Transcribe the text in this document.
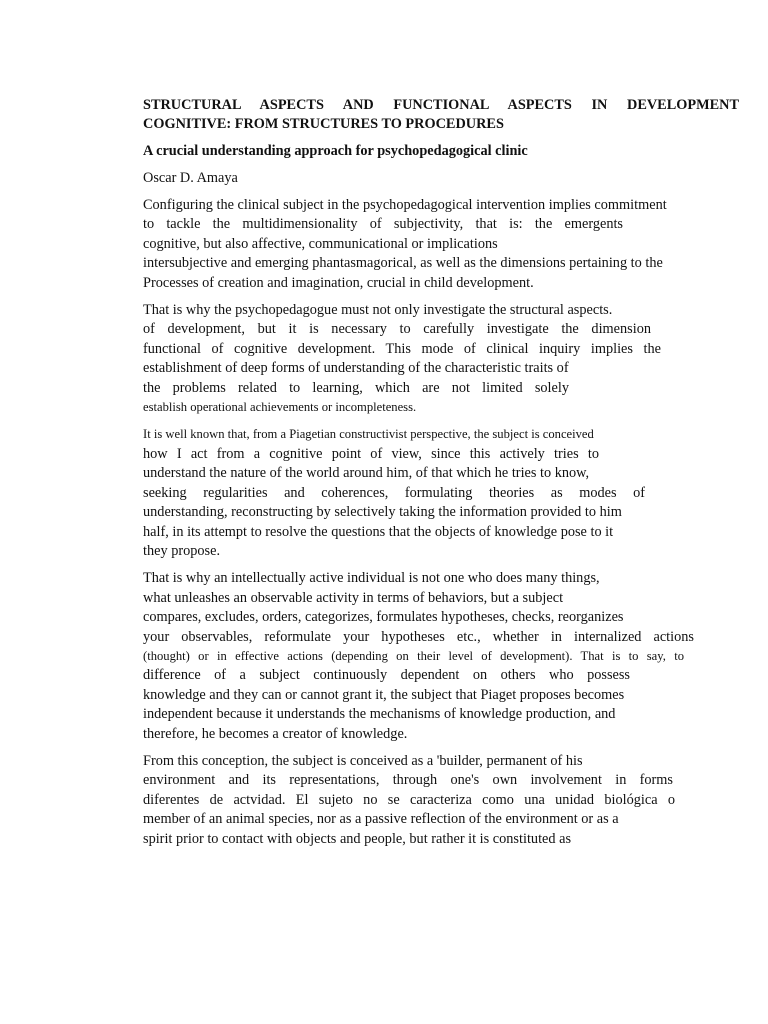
STRUCTURAL ASPECTS AND FUNCTIONAL ASPECTS IN DEVELOPMENT
COGNITIVE: FROM STRUCTURES TO PROCEDURES
A crucial understanding approach for psychopedagogical clinic
Oscar D. Amaya
Configuring the clinical subject in the psychopedagogical intervention implies commitment
to tackle the multidimensionality of subjectivity, that is: the emergents
cognitive, but also affective, communicational or implications
intersubjective and emerging phantasmagorical, as well as the dimensions pertaining to the
Processes of creation and imagination, crucial in child development.
That is why the psychopedagogue must not only investigate the structural aspects.
of development, but it is necessary to carefully investigate the dimension
functional of cognitive development. This mode of clinical inquiry implies the
establishment of deep forms of understanding of the characteristic traits of
the problems related to learning, which are not limited solely
establish operational achievements or incompleteness.
It is well known that, from a Piagetian constructivist perspective, the subject is conceived
how I act from a cognitive point of view, since this actively tries to
understand the nature of the world around him, of that which he tries to know,
seeking regularities and coherences, formulating theories as modes of
understanding, reconstructing by selectively taking the information provided to him
half, in its attempt to resolve the questions that the objects of knowledge pose to it
they propose.
That is why an intellectually active individual is not one who does many things,
what unleashes an observable activity in terms of behaviors, but a subject
compares, excludes, orders, categorizes, formulates hypotheses, checks, reorganizes
your observables, reformulate your hypotheses etc., whether in internalized actions
(thought) or in effective actions (depending on their level of development). That is to say, to
difference of a subject continuously dependent on others who possess
knowledge and they can or cannot grant it, the subject that Piaget proposes becomes
independent because it understands the mechanisms of knowledge production, and
therefore, he becomes a creator of knowledge.
From this conception, the subject is conceived as a 'builder, permanent of his
environment and its representations, through one's own involvement in forms
diferentes de actvidad. El sujeto no se caracteriza como una unidad biológica o
member of an animal species, nor as a passive reflection of the environment or as a
spirit prior to contact with objects and people, but rather it is constituted as
